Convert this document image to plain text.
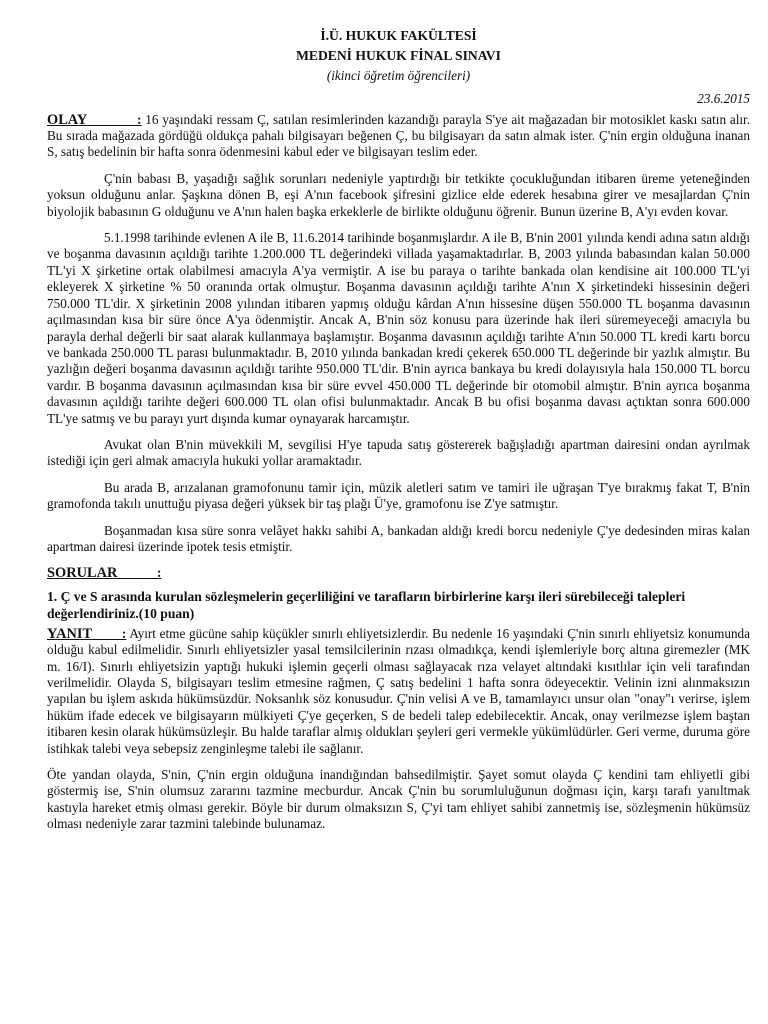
İ.Ü. HUKUK FAKÜLTESİ
MEDENİ HUKUK FİNAL SINAVI
(ikinci öğretim öğrencileri)
23.6.2015

OLAY             : 16 yaşındaki ressam Ç, satılan resimlerinden kazandığı parayla S'ye ait mağazadan bir motosiklet kaskı satın alır. Bu sırada mağazada gördüğü oldukça pahalı bilgisayarı beğenen Ç, bu bilgisayarı da satın almak ister. Ç'nin ergin olduğuna inanan S, satış bedelinin bir hafta sonra ödenmesini kabul eder ve bilgisayarı teslim eder.

Ç'nin babası B, yaşadığı sağlık sorunları nedeniyle yaptırdığı bir tetkikte çocukluğundan itibaren üreme yeteneğinden yoksun olduğunu anlar. Şaşkına dönen B, eşi A'nın facebook şifresini gizlice elde ederek hesabına girer ve mesajlardan Ç'nin biyolojik babasının G olduğunu ve A'nın halen başka erkeklerle de birlikte olduğunu öğrenir. Bunun üzerine B, A'yı evden kovar.

5.1.1998 tarihinde evlenen A ile B, 11.6.2014 tarihinde boşanmışlardır. A ile B, B'nin 2001 yılında kendi adına satın aldığı ve boşanma davasının açıldığı tarihte 1.200.000 TL değerindeki villada yaşamaktadırlar. B, 2003 yılında babasından kalan 50.000 TL'yi X şirketine ortak olabilmesi amacıyla A'ya vermiştir. A ise bu paraya o tarihte bankada olan kendisine ait 100.000 TL'yi ekleyerek X şirketine % 50 oranında ortak olmuştur. Boşanma davasının açıldığı tarihte A'nın X şirketindeki hissesinin değeri 750.000 TL'dir. X şirketinin 2008 yılından itibaren yapmış olduğu kârdan A'nın hissesine düşen 550.000 TL boşanma davasının açılmasından kısa bir süre önce A'ya ödenmiştir. Ancak A, B'nin söz konusu para üzerinde hak ileri süremeyeceği amacıyla bu parayla derhal değerli bir saat alarak kullanmaya başlamıştır. Boşanma davasının açıldığı tarihte A'nın 50.000 TL kredi kartı borcu ve bankada 250.000 TL parası bulunmaktadır. B, 2010 yılında bankadan kredi çekerek 650.000 TL değerinde bir yazlık almıştır. Bu yazlığın değeri boşanma davasının açıldığı tarihte 950.000 TL'dir. B'nin ayrıca bankaya bu kredi dolayısıyla hala 150.000 TL borcu vardır. B boşanma davasının açılmasından kısa bir süre evvel 450.000 TL değerinde bir otomobil almıştır. B'nin ayrıca boşanma davasının açıldığı tarihte değeri 600.000 TL olan ofisi bulunmaktadır. Ancak B bu ofisi boşanma davası açtıktan sonra 600.000 TL'ye satmış ve bu parayı yurt dışında kumar oynayarak harcamıştır.

Avukat olan B'nin müvekkili M, sevgilisi H'ye tapuda satış göstererek bağışladığı apartman dairesini ondan ayrılmak istediği için geri almak amacıyla hukuki yollar aramaktadır.

Bu arada B, arızalanan gramofonunu tamir için, müzik aletleri satım ve tamiri ile uğraşan T'ye bırakmış fakat T, B'nin gramofonda takılı unuttuğu piyasa değeri yüksek bir taş plağı Ü'ye, gramofonu ise Z'ye satmıştır.

Boşanmadan kısa süre sonra velâyet hakkı sahibi A, bankadan aldığı kredi borcu nedeniyle Ç'ye dedesinden miras kalan apartman dairesi üzerinde ipotek tesis etmiştir.

SORULAR            :

1. Ç ve S arasında kurulan sözleşmelerin geçerliliğini ve tarafların birbirlerine karşı ileri sürebileceği talepleri değerlendiriniz.(10 puan)

YANIT        : Ayırt etme gücüne sahip küçükler sınırlı ehliyetsizlerdir. Bu nedenle 16 yaşındaki Ç'nin sınırlı ehliyetsiz konumunda olduğu kabul edilmelidir. Sınırlı ehliyetsizler yasal temsilcilerinin rızası olmadıkça, kendi işlemleriyle borç altına giremezler (MK m. 16/I). Sınırlı ehliyetsizin yaptığı hukuki işlemin geçerli olması sağlayacak rıza velayet altındaki kısıtlılar için veli tarafından verilmelidir. Olayda S, bilgisayarı teslim etmesine rağmen, Ç satış bedelini 1 hafta sonra ödeyecektir. Velinin izni alınmaksızın yapılan bu işlem askıda hükümsüzdür. Noksanlık söz konusudur. Ç'nin velisi A ve B, tamamlayıcı unsur olan "onay"ı verirse, işlem hüküm ifade edecek ve bilgisayarın mülkiyeti Ç'ye geçerken, S de bedeli talep edebilecektir. Ancak, onay verilmezse işlem baştan itibaren kesin olarak hükümsüzleşir. Bu halde taraflar almış oldukları şeyleri geri vermekle yükümlüdürler. Geri verme, duruma göre istihkak talebi veya sebepsiz zenginleşme talebi ile sağlanır.

Öte yandan olayda, S'nin, Ç'nin ergin olduğuna inandığından bahsedilmiştir. Şayet somut olayda Ç kendini tam ehliyetli gibi göstermiş ise, S'nin olumsuz zararını tazmine mecburdur. Ancak Ç'nin bu sorumluluğunun doğması için, karşı tarafı yanıltmak kastıyla hareket etmiş olması gerekir. Böyle bir durum olmaksızın S, Ç'yi tam ehliyet sahibi zannetmiş ise, sözleşmenin hükümsüz olması nedeniyle zarar tazmini talebinde bulunamaz.
